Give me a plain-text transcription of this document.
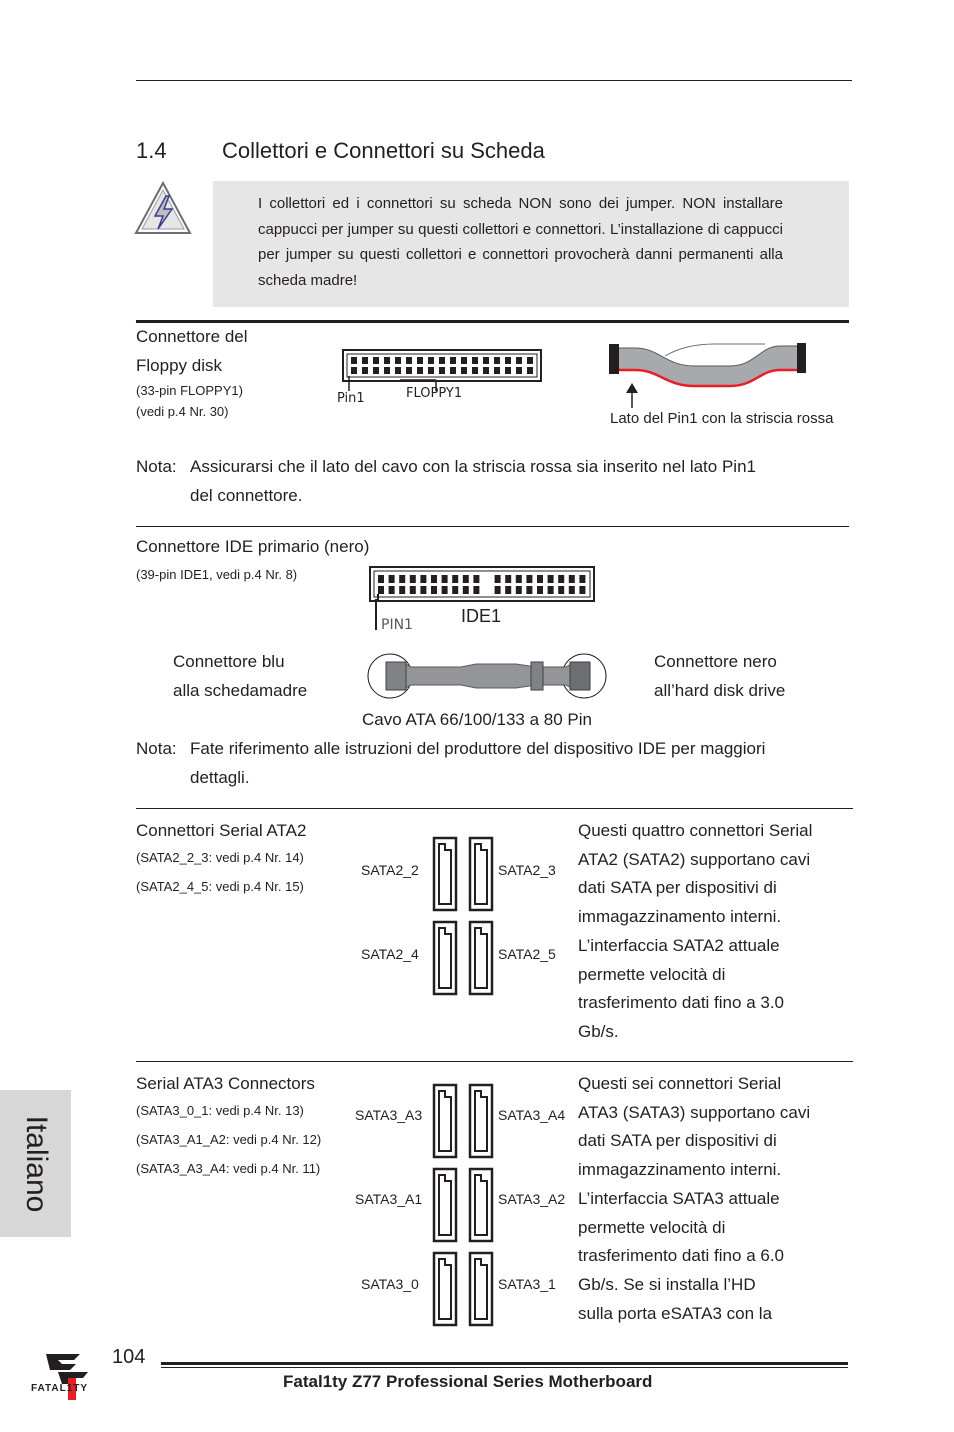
1.4	Collettori e Connettori su Scheda
I collettori ed i connettori su scheda NON sono dei jumper. NON installare cappucci per jumper su questi collettori e connettori. L’installazione di cappucci per jumper su questi collettori e connettori provocherà danni permanenti alla scheda madre!
Connettore del
Floppy disk
(33-pin FLOPPY1)
(vedi p.4 Nr. 30)
Pin1	FLOPPY1
Lato del Pin1 con la striscia rossa
Nota: Assicurarsi che il lato del cavo con la striscia rossa sia inserito nel lato Pin1
del connettore.
Connettore IDE primario (nero)
(39-pin IDE1, vedi p.4 Nr. 8)
PIN1	IDE1
Connettore blu
alla schedamadre
Connettore nero
all’hard disk drive
Cavo ATA 66/100/133 a 80 Pin
Nota: Fate riferimento alle istruzioni del produttore del dispositivo IDE per maggiori
dettagli.
Connettori Serial ATA2
(SATA2_2_3: vedi p.4 Nr. 14)
(SATA2_4_5: vedi p.4 Nr. 15)
SATA2_2	SATA2_3
SATA2_4	SATA2_5
Questi quattro connettori Serial
ATA2 (SATA2) supportano cavi
dati SATA per dispositivi di
immagazzinamento interni.
L’interfaccia SATA2 attuale
permette velocità di
trasferimento dati fino a 3.0
Gb/s.
Serial ATA3 Connectors
(SATA3_0_1: vedi p.4 Nr. 13)
(SATA3_A1_A2: vedi p.4 Nr. 12)
(SATA3_A3_A4: vedi p.4 Nr. 11)
SATA3_A3	SATA3_A4
SATA3_A1	SATA3_A2
SATA3_0	SATA3_1
Questi sei connettori Serial
ATA3 (SATA3) supportano cavi
dati SATA per dispositivi di
immagazzinamento interni.
L’interfaccia SATA3 attuale
permette velocità di
trasferimento dati fino a 6.0
Gb/s. Se si installa l’HD
sulla porta eSATA3 con la
Italiano
FATAL1TY
104
Fatal1ty Z77 Professional Series Motherboard
